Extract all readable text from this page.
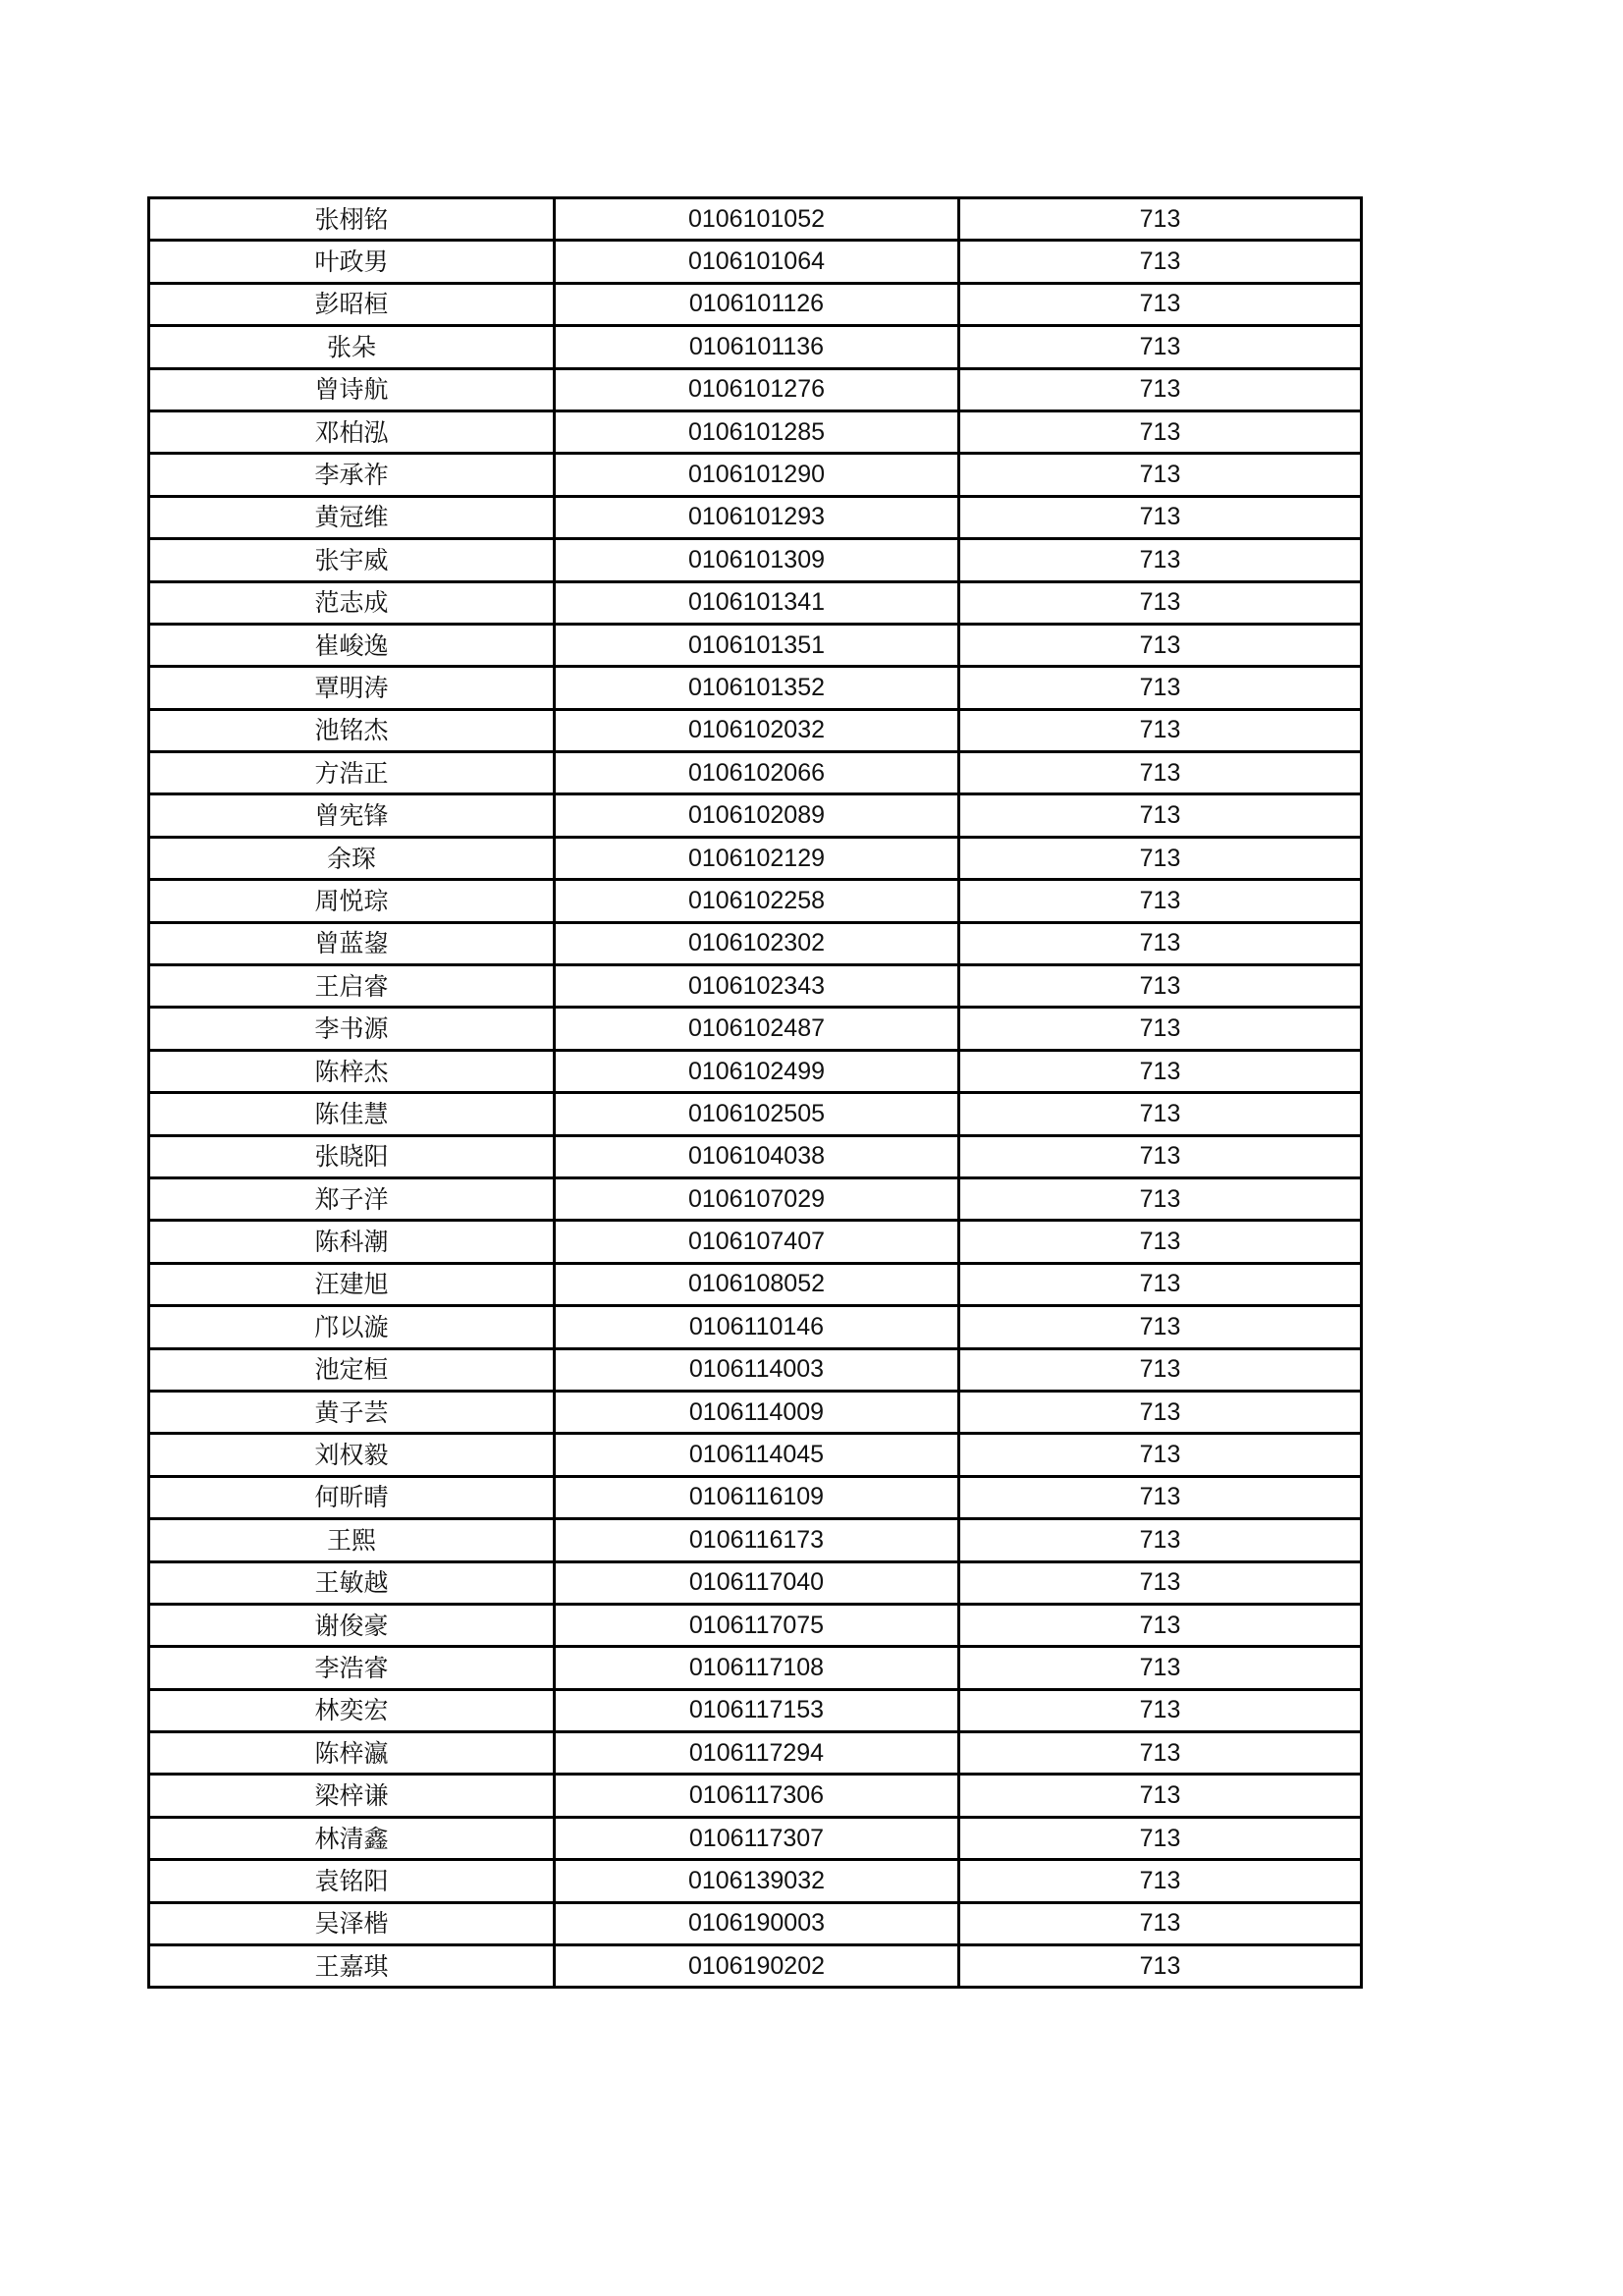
张栩铭	0106101052	713
叶政男	0106101064	713
彭昭桓	0106101126	713
张朵	0106101136	713
曾诗航	0106101276	713
邓柏泓	0106101285	713
李承祚	0106101290	713
黄冠维	0106101293	713
张宇威	0106101309	713
范志成	0106101341	713
崔峻逸	0106101351	713
覃明涛	0106101352	713
池铭杰	0106102032	713
方浩正	0106102066	713
曾宪锋	0106102089	713
余琛	0106102129	713
周悦琮	0106102258	713
曾蓝鋆	0106102302	713
王启睿	0106102343	713
李书源	0106102487	713
陈梓杰	0106102499	713
陈佳慧	0106102505	713
张晓阳	0106104038	713
郑子洋	0106107029	713
陈科潮	0106107407	713
汪建旭	0106108052	713
邝以漩	0106110146	713
池定桓	0106114003	713
黄子芸	0106114009	713
刘权毅	0106114045	713
何昕晴	0106116109	713
王熙	0106116173	713
王敏越	0106117040	713
谢俊豪	0106117075	713
李浩睿	0106117108	713
林奕宏	0106117153	713
陈梓瀛	0106117294	713
梁梓谦	0106117306	713
林清鑫	0106117307	713
袁铭阳	0106139032	713
吴泽楷	0106190003	713
王嘉琪	0106190202	713
